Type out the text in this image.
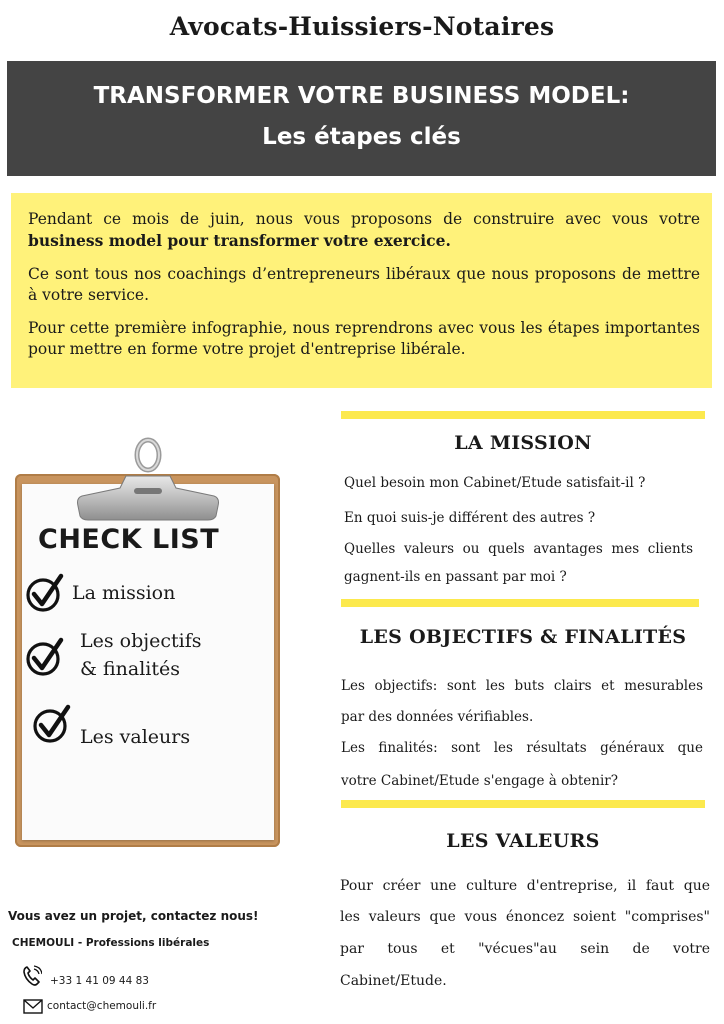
Avocats-Huissiers-Notaires
TRANSFORMER VOTRE BUSINESS MODEL:
Les étapes clés

Pendant ce mois de juin, nous vous proposons de construire avec vous votre business model pour transformer votre exercice.

Ce sont tous nos coachings d’entrepreneurs libéraux que nous proposons de mettre à votre service.

Pour cette première infographie, nous reprendrons avec vous les étapes importantes pour mettre en forme votre projet d'entreprise libérale.

CHECK LIST
La mission
Les objectifs
& finalités
Les valeurs
LA MISSION
Quel besoin mon Cabinet/Etude satisfait-il ?
En quoi suis-je différent des autres ?
Quelles valeurs ou quels avantages mes clients
gagnent-ils en passant par moi ?
LES OBJECTIFS & FINALITÉS
Les objectifs: sont les buts clairs et mesurables
par des données vérifiables.
Les finalités: sont les résultats généraux que
votre Cabinet/Etude s'engage à obtenir?
LES VALEURS
Pour créer une culture d'entreprise, il faut que
les valeurs que vous énoncez soient "comprises"
par tous et "vécues"au sein de votre
Cabinet/Etude.
Vous avez un projet, contactez nous!
CHEMOULI - Professions libérales
+33 1 41 09 44 83
contact@chemouli.fr
